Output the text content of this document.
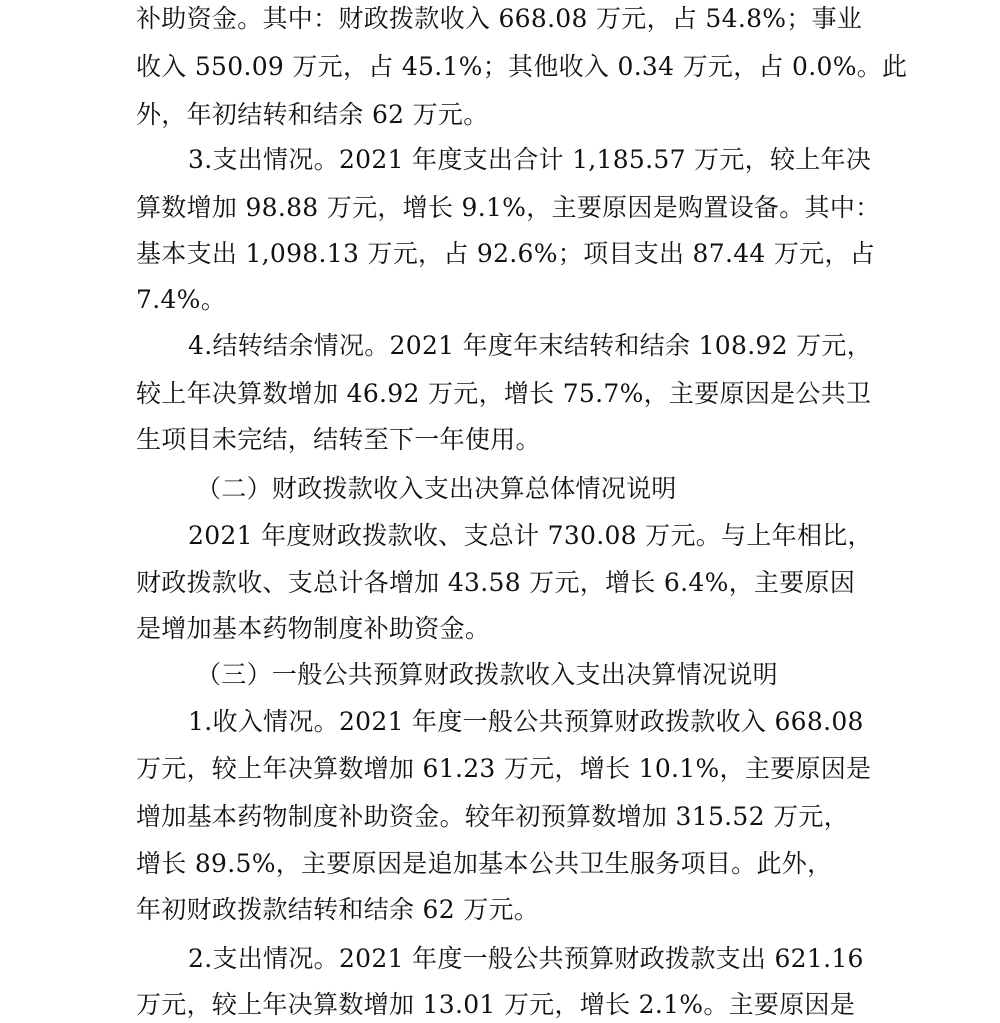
补助资金。其中：财政拨款收入 668.08 万元，占 54.8%；事业
收入 550.09 万元，占 45.1%；其他收入 0.34 万元，占 0.0%。此
外，年初结转和结余 62 万元。
3.支出情况。2021 年度支出合计 1,185.57 万元，较上年决
算数增加 98.88 万元，增长 9.1%，主要原因是购置设备。其中：
基本支出 1,098.13 万元，占 92.6%；项目支出 87.44 万元，占
7.4%。
4.结转结余情况。2021 年度年末结转和结余 108.92 万元，
较上年决算数增加 46.92 万元，增长 75.7%，主要原因是公共卫
生项目未完结，结转至下一年使用。
（二）财政拨款收入支出决算总体情况说明
2021 年度财政拨款收、支总计 730.08 万元。与上年相比，
财政拨款收、支总计各增加 43.58 万元，增长 6.4%，主要原因
是增加基本药物制度补助资金。
（三）一般公共预算财政拨款收入支出决算情况说明
1.收入情况。2021 年度一般公共预算财政拨款收入 668.08
万元，较上年决算数增加 61.23 万元，增长 10.1%，主要原因是
增加基本药物制度补助资金。较年初预算数增加 315.52 万元，
增长 89.5%，主要原因是追加基本公共卫生服务项目。此外，
年初财政拨款结转和结余 62 万元。
2.支出情况。2021 年度一般公共预算财政拨款支出 621.16
万元，较上年决算数增加 13.01 万元，增长 2.1%。主要原因是
